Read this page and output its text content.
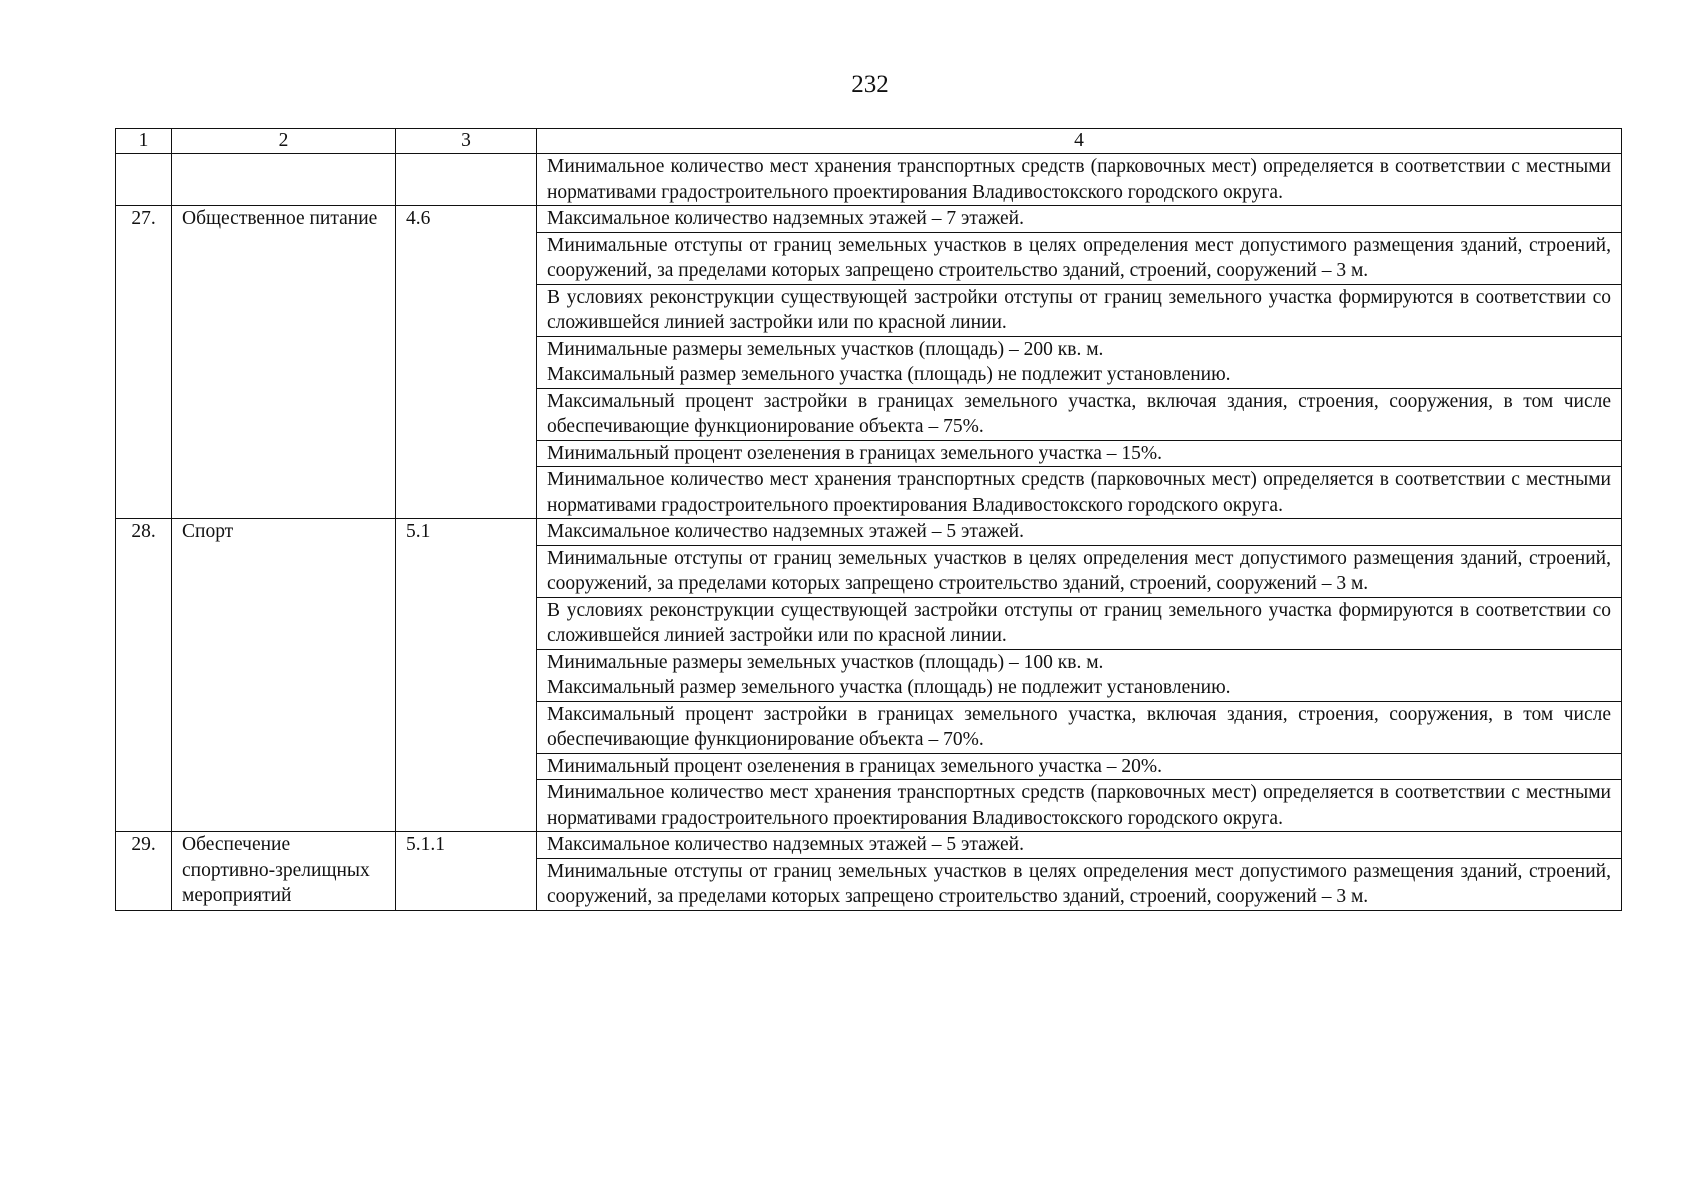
232
1	2	3	4
			Минимальное количество мест хранения транспортных средств (парковочных мест) определяется в соответствии с местными нормативами градостроительного проектирования Владивостокского городского округа.
27.	Общественное питание	4.6	Максимальное количество надземных этажей – 7 этажей.
			Минимальные отступы от границ земельных участков в целях определения мест допустимого размещения зданий, строений, сооружений, за пределами которых запрещено строительство зданий, строений, сооружений – 3 м.
			В условиях реконструкции существующей застройки отступы от границ земельного участка формируются в соответствии со сложившейся линией застройки или по красной линии.

			Минимальные размеры земельных участков (площадь) – 200 кв. м.
Максимальный размер земельного участка (площадь) не подлежит установлению.

			Максимальный процент застройки в границах земельного участка, включая здания, строения, сооружения, в том числе обеспечивающие функционирование объекта – 75%.
			Минимальный процент озеленения в границах земельного участка – 15%.
			Минимальное количество мест хранения транспортных средств (парковочных мест) определяется в соответствии с местными нормативами градостроительного проектирования Владивостокского городского округа.
28.	Спорт	5.1	Максимальное количество надземных этажей – 5 этажей.
			Минимальные отступы от границ земельных участков в целях определения мест допустимого размещения зданий, строений, сооружений, за пределами которых запрещено строительство зданий, строений, сооружений – 3 м.
			В условиях реконструкции существующей застройки отступы от границ земельного участка формируются в соответствии со сложившейся линией застройки или по красной линии.

			Минимальные размеры земельных участков (площадь) – 100 кв. м.
Максимальный размер земельного участка (площадь) не подлежит установлению.

			Максимальный процент застройки в границах земельного участка, включая здания, строения, сооружения, в том числе обеспечивающие функционирование объекта – 70%.
			Минимальный процент озеленения в границах земельного участка – 20%.
			Минимальное количество мест хранения транспортных средств (парковочных мест) определяется в соответствии с местными нормативами градостроительного проектирования Владивостокского городского округа.
29.	Обеспечение спортивно-зрелищных мероприятий	5.1.1	Максимальное количество надземных этажей – 5 этажей.
			Минимальные отступы от границ земельных участков в целях определения мест допустимого размещения зданий, строений, сооружений, за пределами которых запрещено строительство зданий, строений, сооружений – 3 м.
